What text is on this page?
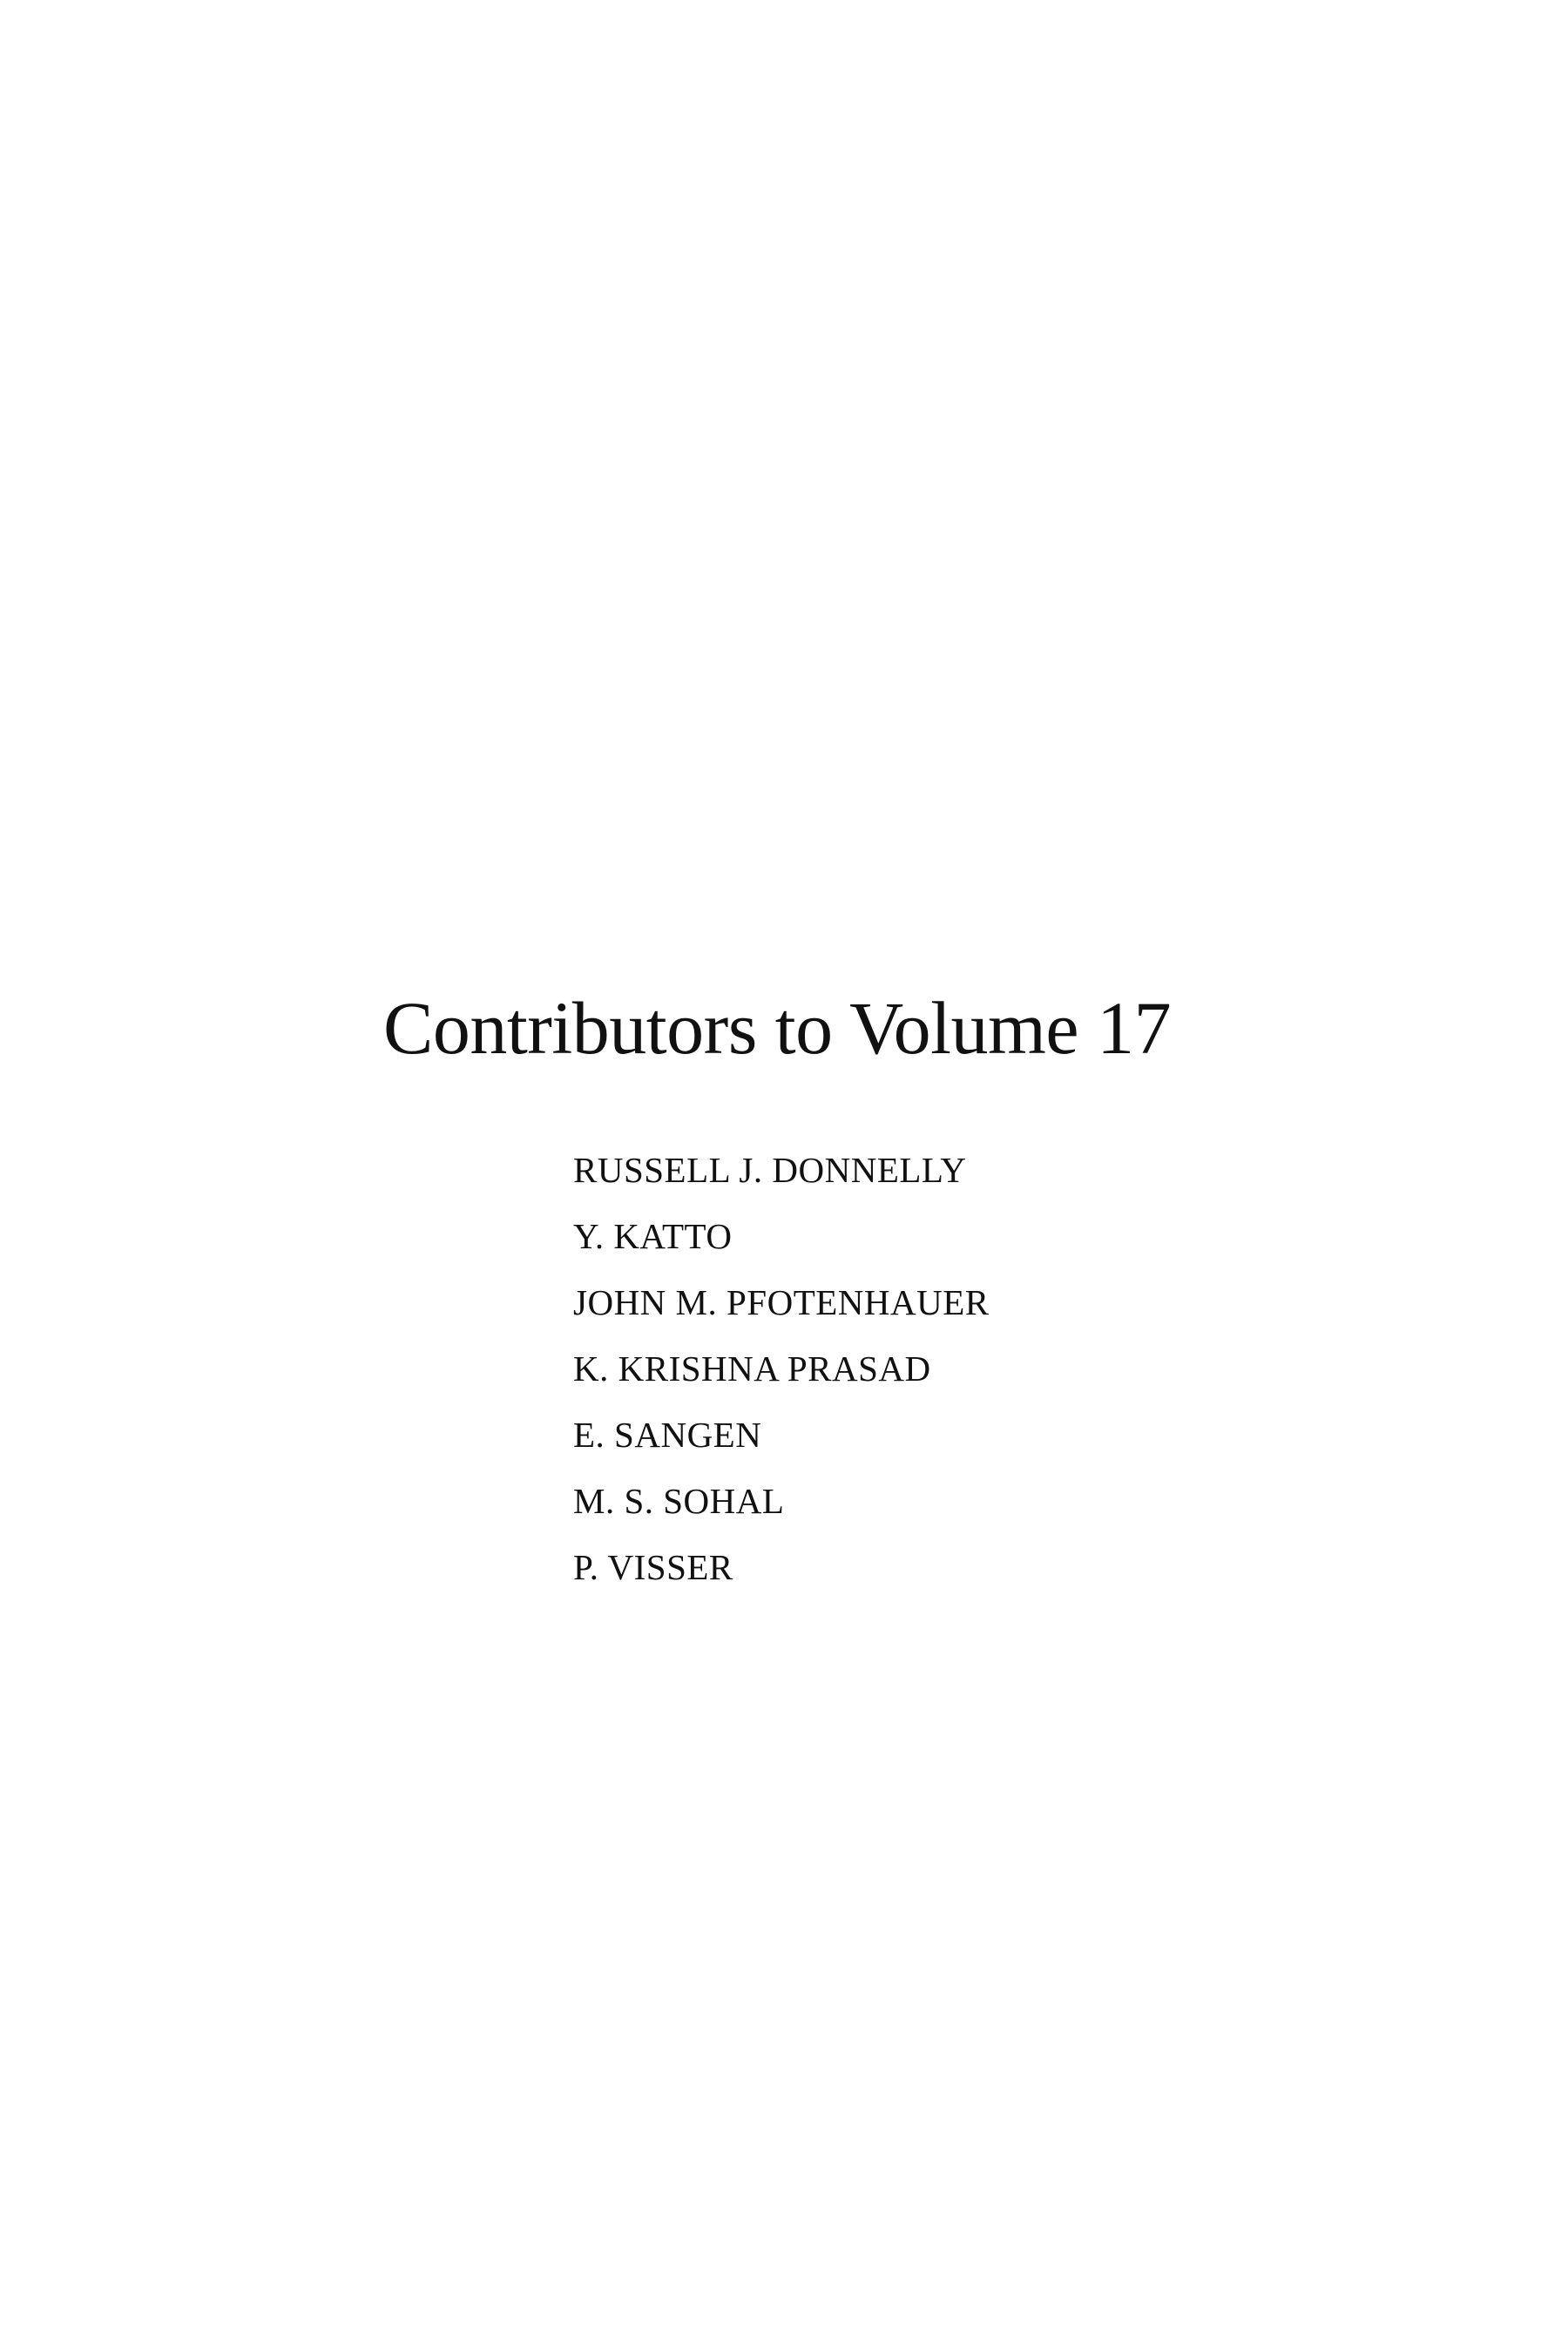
Contributors to Volume 17
RUSSELL J. DONNELLY
Y. KATTO
JOHN M. PFOTENHAUER
K. KRISHNA PRASAD
E. SANGEN
M. S. SOHAL
P. VISSER
